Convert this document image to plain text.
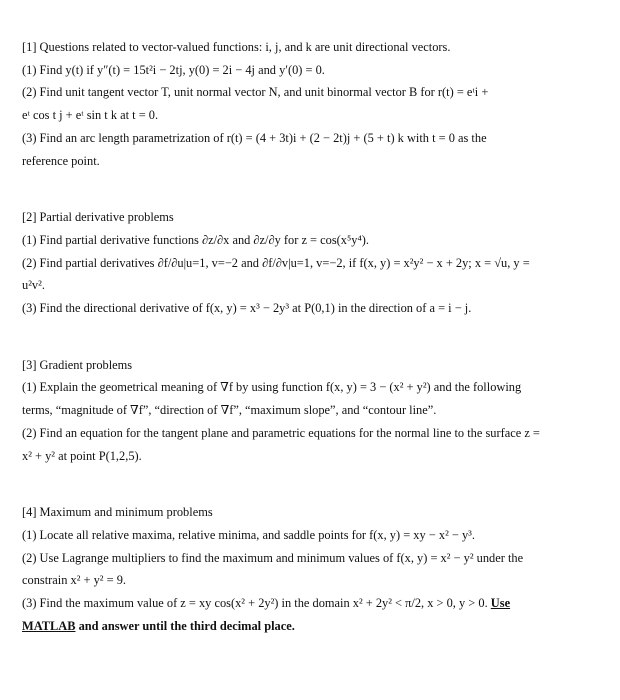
[1] Questions related to vector-valued functions: i, j, and k are unit directional vectors.

(1) Find y(t) if y″(t) = 15t²i − 2tj, y(0) = 2i − 4j and y′(0) = 0.

(2) Find unit tangent vector T, unit normal vector N, and unit binormal vector B for r(t) = eᵗi +

eᵗ cos t j + eᵗ sin t k at t = 0.

(3) Find an arc length parametrization of r(t) = (4 + 3t)i + (2 − 2t)j + (5 + t) k with t = 0 as the

reference point.

[2] Partial derivative problems

(1) Find partial derivative functions ∂z/∂x and ∂z/∂y for z = cos(x⁵y⁴).

(2) Find partial derivatives ∂f/∂u|u=1, v=−2 and ∂f/∂v|u=1, v=−2, if f(x, y) = x²y² − x + 2y; x = √u, y =

u²v².

(3) Find the directional derivative of f(x, y) = x³ − 2y³ at P(0,1) in the direction of a = i − j.

[3] Gradient problems

(1) Explain the geometrical meaning of ∇f by using function f(x, y) = 3 − (x² + y²) and the following

terms, “magnitude of ∇f”, “direction of ∇f”, “maximum slope”, and “contour line”.

(2) Find an equation for the tangent plane and parametric equations for the normal line to the surface z =

x² + y² at point P(1,2,5).

[4] Maximum and minimum problems

(1) Locate all relative maxima, relative minima, and saddle points for f(x, y) = xy − x² − y³.

(2) Use Lagrange multipliers to find the maximum and minimum values of f(x, y) = x² − y² under the

constrain x² + y² = 9.

(3) Find the maximum value of z = xy cos(x² + 2y²) in the domain x² + 2y² < π/2, x > 0, y > 0. Use

MATLAB and answer until the third decimal place.
